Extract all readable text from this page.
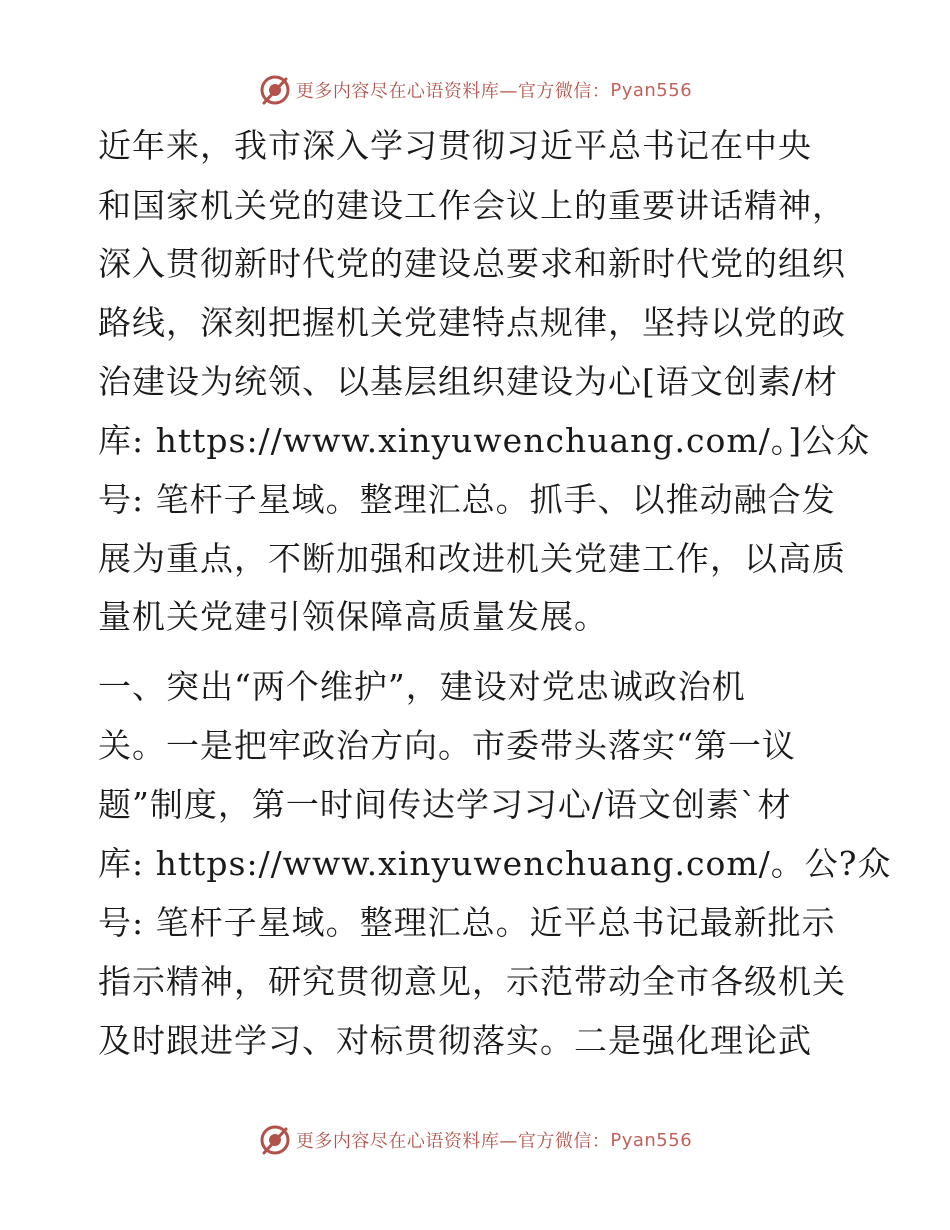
更多内容尽在心语资料库—官方微信： Pyan556
近年来，我市深入学习贯彻习近平总书记在中央
和国家机关党的建设工作会议上的重要讲话精神，
深入贯彻新时代党的建设总要求和新时代党的组织
路线，深刻把握机关党建特点规律，坚持以党的政
治建设为统领、以基层组织建设为心[语文创素/材
库: https://www.xinyuwenchuang.com/。]公众
号: 笔杆子星域。整理汇总。抓手、以推动融合发
展为重点，不断加强和改进机关党建工作，以高质
量机关党建引领保障高质量发展。
一、突出“两个维护”，建设对党忠诚政治机
关。一是把牢政治方向。市委带头落实“第一议
题”制度，第一时间传达学习习心/语文创素`材
库: https://www.xinyuwenchuang.com/。公?众
号: 笔杆子星域。整理汇总。近平总书记最新批示
指示精神，研究贯彻意见，示范带动全市各级机关
及时跟进学习、对标贯彻落实。二是强化理论武
更多内容尽在心语资料库—官方微信： Pyan556
